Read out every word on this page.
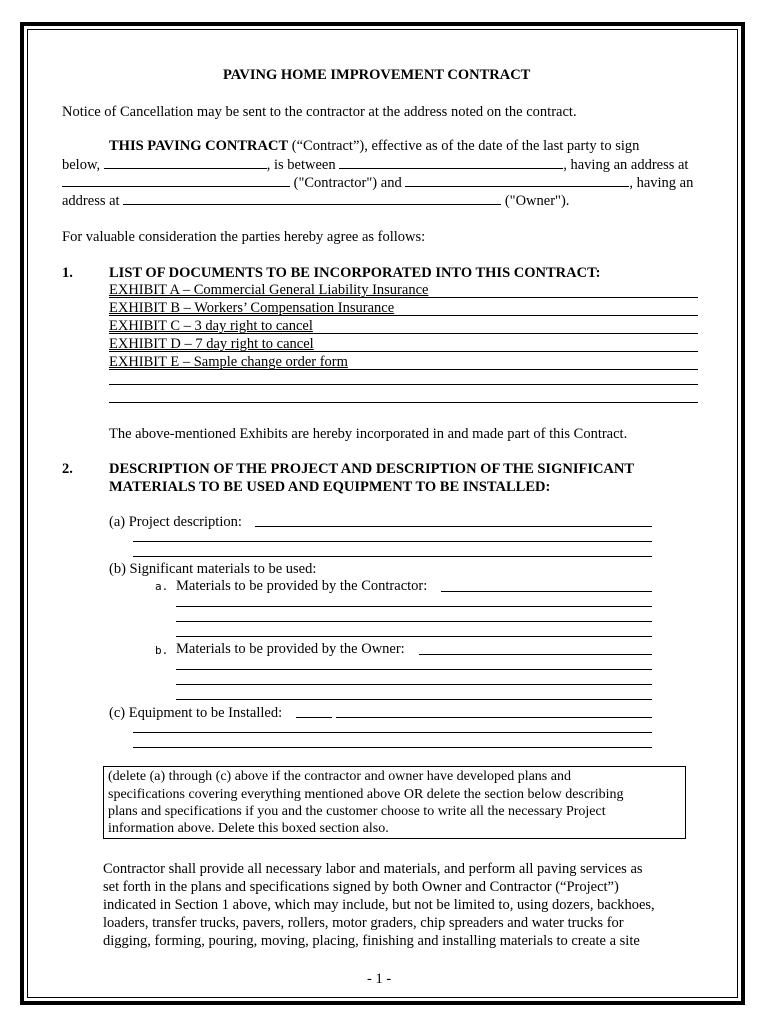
PAVING HOME IMPROVEMENT CONTRACT
Notice of Cancellation may be sent to the contractor at the address noted on the contract.
THIS PAVING CONTRACT (“Contract”), effective as of the date of the last party to sign
below,	, is between	, having an address at
("Contractor") and	, having an
address at	("Owner").
For valuable consideration the parties hereby agree as follows:
1. LIST OF DOCUMENTS TO BE INCORPORATED INTO THIS CONTRACT:
EXHIBIT A – Commercial General Liability Insurance
EXHIBIT B – Workers’ Compensation Insurance
EXHIBIT C – 3 day right to cancel
EXHIBIT D – 7 day right to cancel
EXHIBIT E – Sample change order form
The above-mentioned Exhibits are hereby incorporated in and made part of this Contract.
2. DESCRIPTION OF THE PROJECT AND DESCRIPTION OF THE SIGNIFICANT
MATERIALS TO BE USED AND EQUIPMENT TO BE INSTALLED:
(a) Project description:
(b) Significant materials to be used:
a. Materials to be provided by the Contractor:
b. Materials to be provided by the Owner:
(c) Equipment to be Installed:
(delete (a) through (c) above if the contractor and owner have developed plans and
specifications covering everything mentioned above OR delete the section below describing
plans and specifications if you and the customer choose to write all the necessary Project
information above. Delete this boxed section also.
Contractor shall provide all necessary labor and materials, and perform all paving services as
set forth in the plans and specifications signed by both Owner and Contractor (“Project”)
indicated in Section 1 above, which may include, but not be limited to, using dozers, backhoes,
loaders, transfer trucks, pavers, rollers, motor graders, chip spreaders and water trucks for
digging, forming, pouring, moving, placing, finishing and installing materials to create a site
- 1 -
